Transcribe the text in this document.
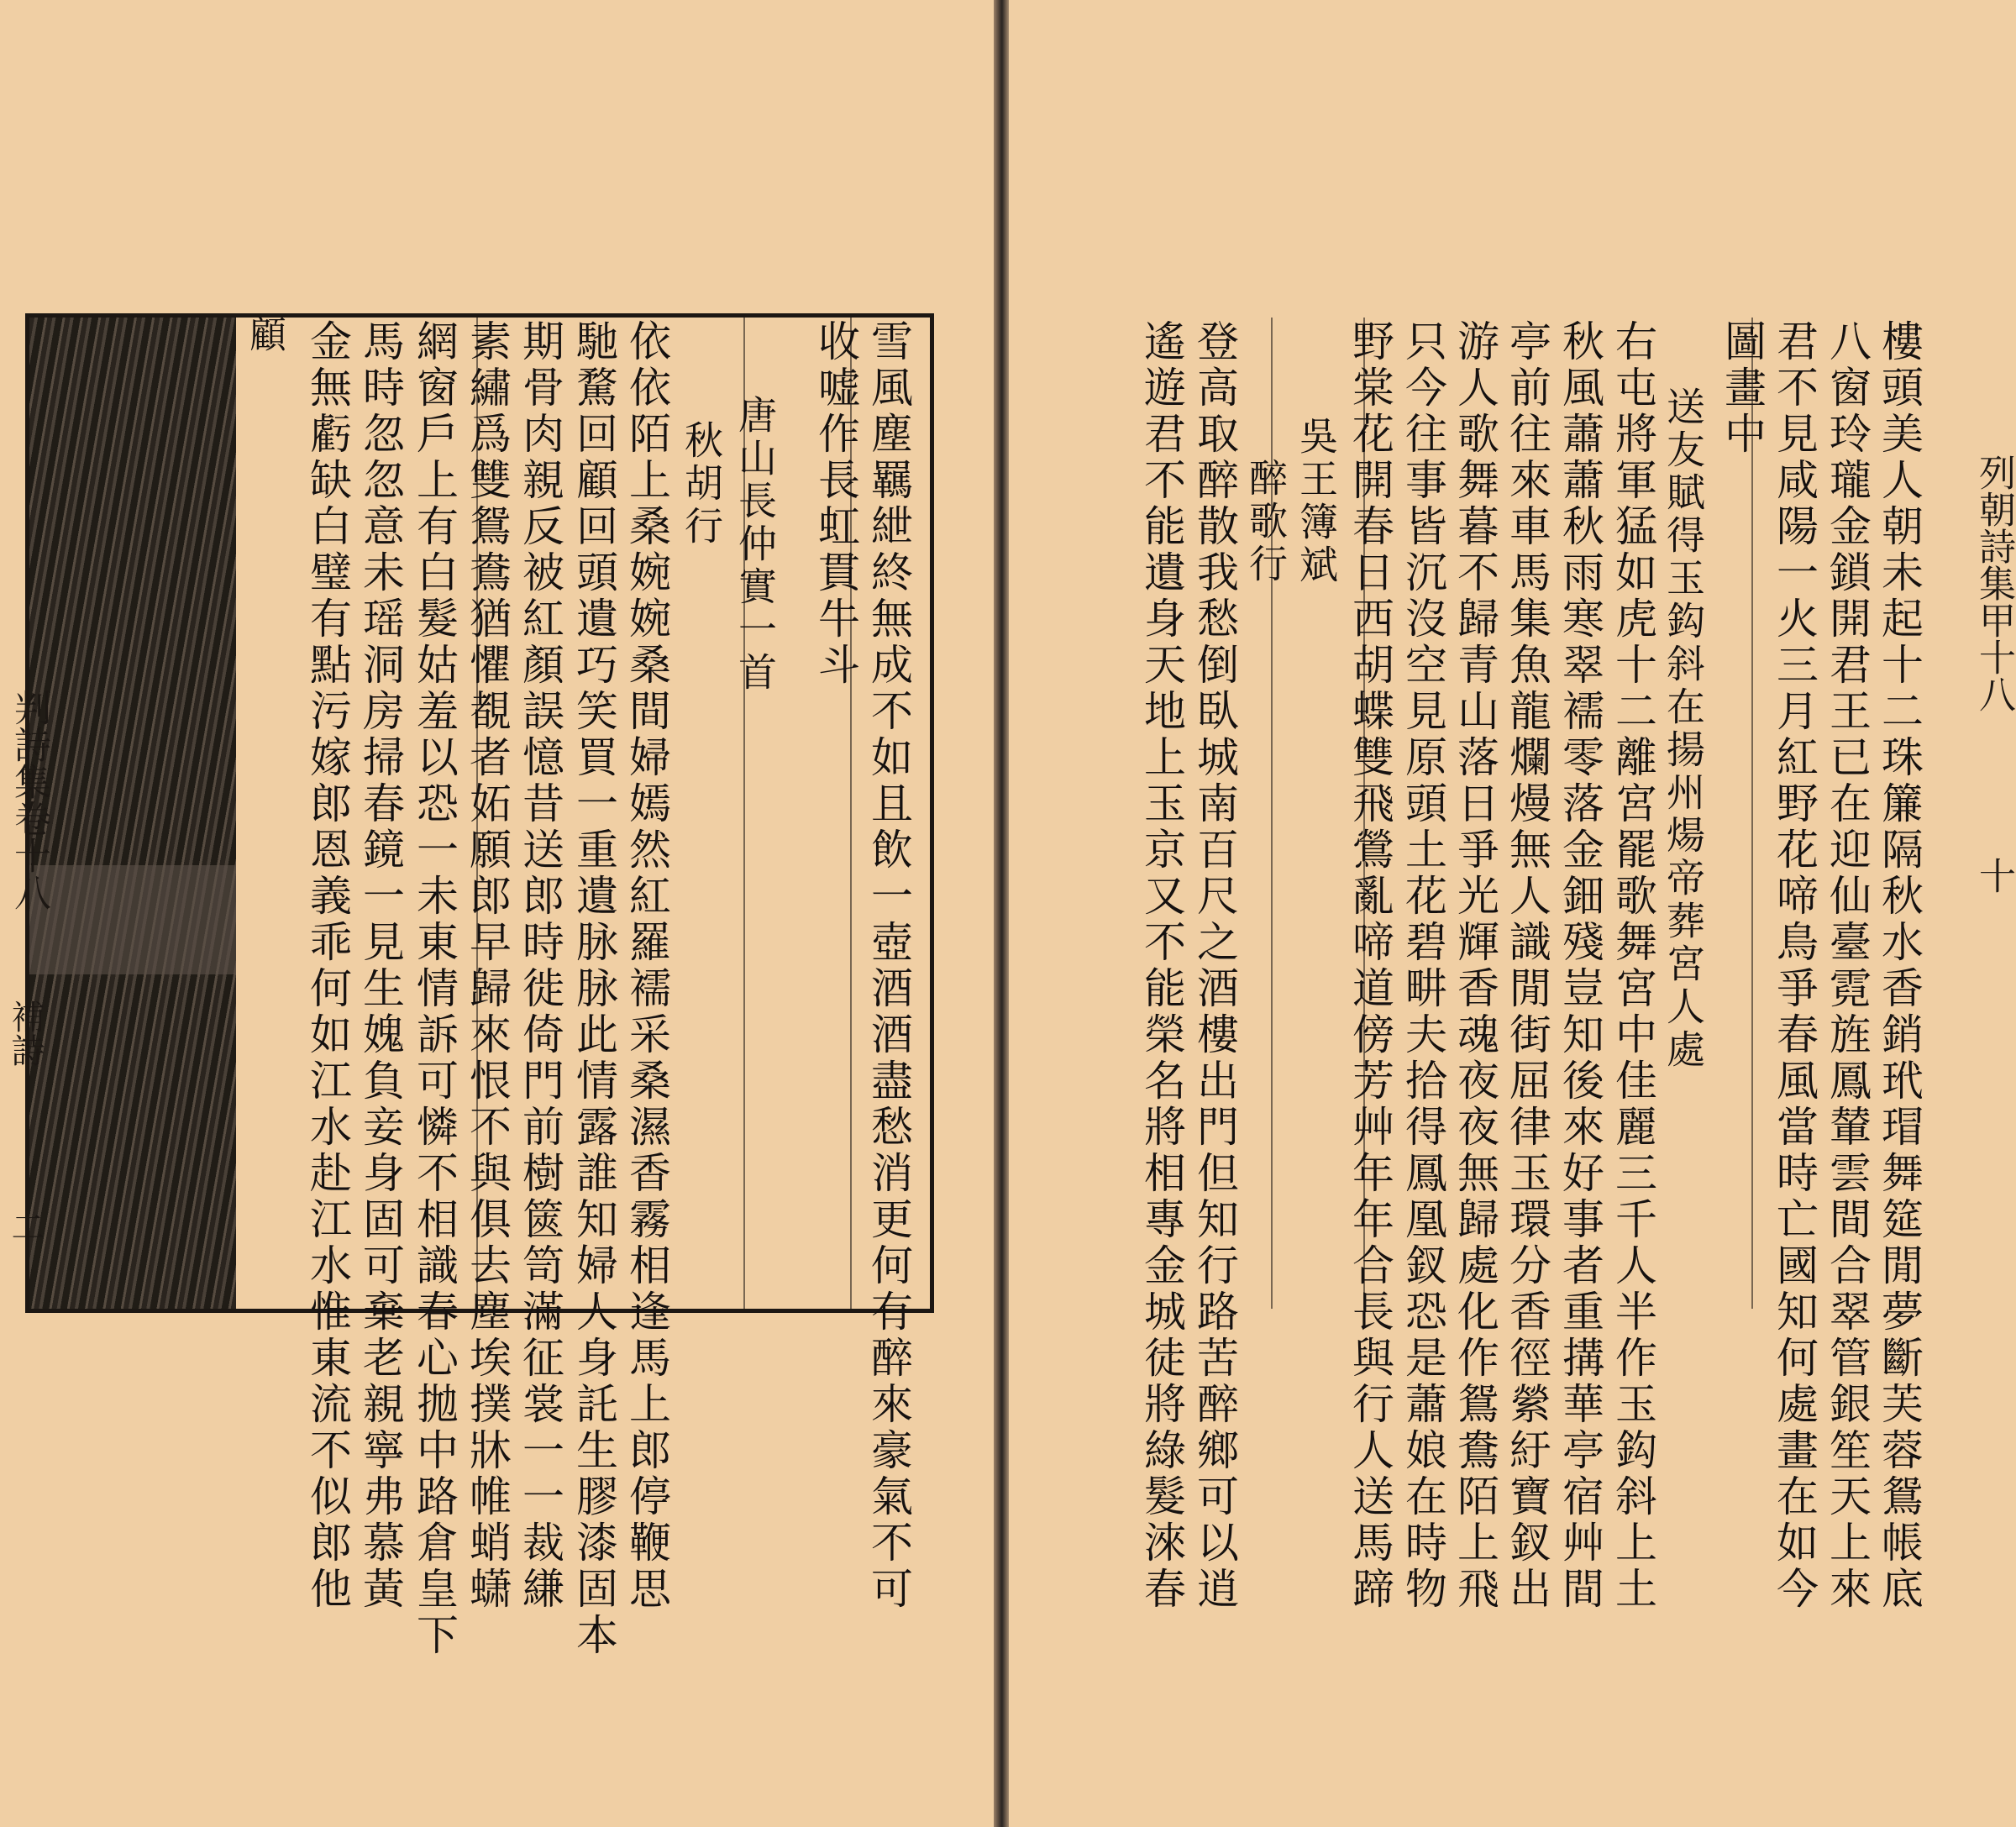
判詩集卷十八
補詩
二	雪風塵羈紲終無成不如且飲一壺酒酒盡愁消更何有醉來豪氣不可
收嘘作長虹貫牛斗
唐山長仲實一首
秋胡行
依依陌上桑婉婉桑間婦嫣然紅羅襦采桑濕香霧相逢馬上郎停鞭思
馳騖回顧回頭遺巧笑買一重遺脉脉此情露誰知婦人身託生膠漆固本
期骨肉親反被紅顏誤憶昔送郎時徙倚門前樹篋笥滿征裳一一裁縑
素繡爲雙鴛鴦猶懼覩者妬願郎早歸來恨不與俱去塵埃撲牀帷蛸蟏
網窗戶上有白髮姑羞以恐一未東情訴可憐不相識春心拋中路倉皇下
馬時忽忽意未瑶洞房掃春鏡一見生媿負妾身固可棄老親寧弗慕黃
金無虧缺白璧有點污嫁郎恩義乖何如江水赴江水惟東流不似郎他
顧
列朝詩集甲十八
十
樓頭美人朝未起十二珠簾隔秋水香銷玳瑁舞筵閒夢斷芙蓉鴛帳底
八窗玲瓏金鎖開君王已在迎仙臺霓旌鳳輦雲間合翠管銀笙天上來
君不見咸陽一火三月紅野花啼鳥爭春風當時亡國知何處畫在如今
圖畫中
送友賦得玉鈎斜在揚州煬帝葬宮人處
右屯將軍猛如虎十二離宮罷歌舞宮中佳麗三千人半作玉鈎斜上土
秋風蕭蕭秋雨寒翠襦零落金鈿殘豈知後來好事者重搆華亭宿艸間
亭前往來車馬集魚龍爛熳無人識閒街屈律玉環分香徑縈紆寶釵出
游人歌舞暮不歸青山落日爭光輝香魂夜夜無歸處化作鴛鴦陌上飛
只今往事皆沉沒空見原頭土花碧畊夫拾得鳳凰釵恐是蕭娘在時物
野棠花開春日西胡蝶雙飛鶯亂啼道傍芳艸年年合長與行人送馬蹄
吳王簿斌
醉歌行
登高取醉散我愁倒臥城南百尺之酒樓出門但知行路苦醉鄉可以逍
遙遊君不能遺身天地上玉京又不能榮名將相專金城徒將綠髮淶春
